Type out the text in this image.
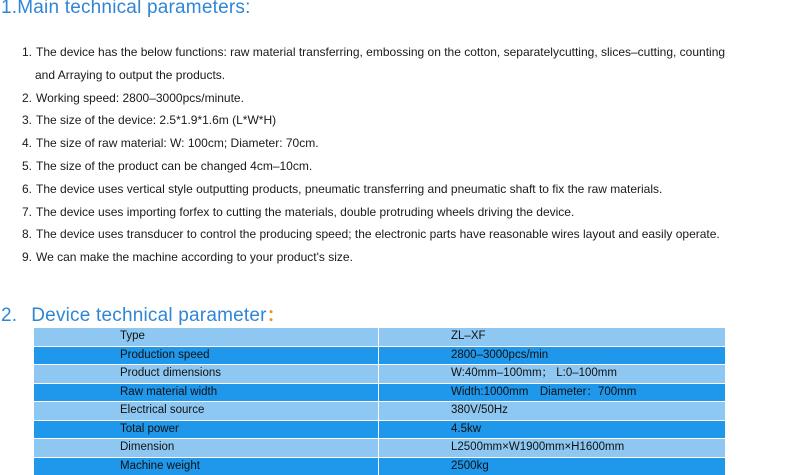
1.Main technical parameters:
1. The device has the below functions: raw material transferring, embossing on the cotton, separatelycutting, slices–cutting, counting
and Arraying to output the products.
2. Working speed: 2800–3000pcs/minute.
3. The size of the device: 2.5*1.9*1.6m (L*W*H)
4. The size of raw material: W: 100cm; Diameter: 70cm.
5. The size of the product can be changed 4cm–10cm.
6. The device uses vertical style outputting products, pneumatic transferring and pneumatic shaft to fix the raw materials.
7. The device uses importing forfex to cutting the materials, double protruding wheels driving the device.
8. The device uses transducer to control the producing speed; the electronic parts have reasonable wires layout and easily operate.
9. We can make the machine according to your product's size.
2. Device technical parameter：
Type	ZL–XF
Production speed	2800–3000pcs/min
Product dimensions	W:40mm–100mm； L:0–100mm
Raw material width	Width:1000mm　Diameter：700mm
Electrical source	380V/50Hz
Total power	4.5kw
Dimension	L2500mm×W1900mm×H1600mm
Machine weight	2500kg
